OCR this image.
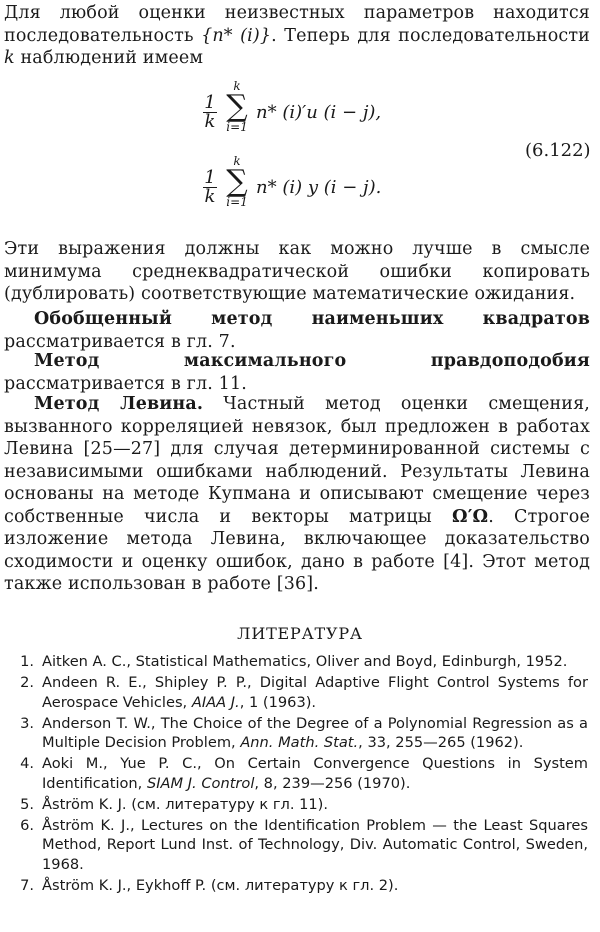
Для любой оценки неизвестных параметров находится последовательность {n* (i)}. Теперь для последовательности k наблюдений имеем
$\frac{1}{k}$
k
∑
i=1
n* (i)′u (i − j),
$\frac{1}{k}$
k
∑
i=1
n* (i) y (i − j).
(6.122)
Эти выражения должны как можно лучше в смысле минимума среднеквадратической ошибки копировать (дублировать) соответствующие математические ожидания.
Обобщенный метод наименьших квадратов рассматривается в гл. 7.
Метод максимального правдоподобия рассматривается в гл. 11.
Метод Левина. Частный метод оценки смещения, вызванного корреляцией невязок, был предложен в работах Левина [25—27] для случая детерминированной системы с независимыми ошибками наблюдений. Результаты Левина основаны на методе Купмана и описывают смещение через собственные числа и векторы матрицы Ω′Ω. Строгое изложение метода Левина, включающее доказательство сходимости и оценку ошибок, дано в работе [4]. Этот метод также использован в работе [36].
ЛИТЕРАТУРА
1. Aitken A. C., Statistical Mathematics, Oliver and Boyd, Edinburgh, 1952.
2. Andeen R. E., Shipley P. P., Digital Adaptive Flight Control Systems for Aerospace Vehicles, AIAA J., 1 (1963).
3. Anderson T. W., The Choice of the Degree of a Polynomial Regression as a Multiple Decision Problem, Ann. Math. Stat., 33, 255—265 (1962).
4. Aoki M., Yue P. C., On Certain Convergence Questions in System Identification, SIAM J. Control, 8, 239—256 (1970).
5. Åström K. J. (см. литературу к гл. 11).
6. Åström K. J., Lectures on the Identification Problem — the Least Squares Method, Report Lund Inst. of Technology, Div. Automatic Control, Sweden, 1968.
7. Åström K. J., Eykhoff P. (см. литературу к гл. 2).
